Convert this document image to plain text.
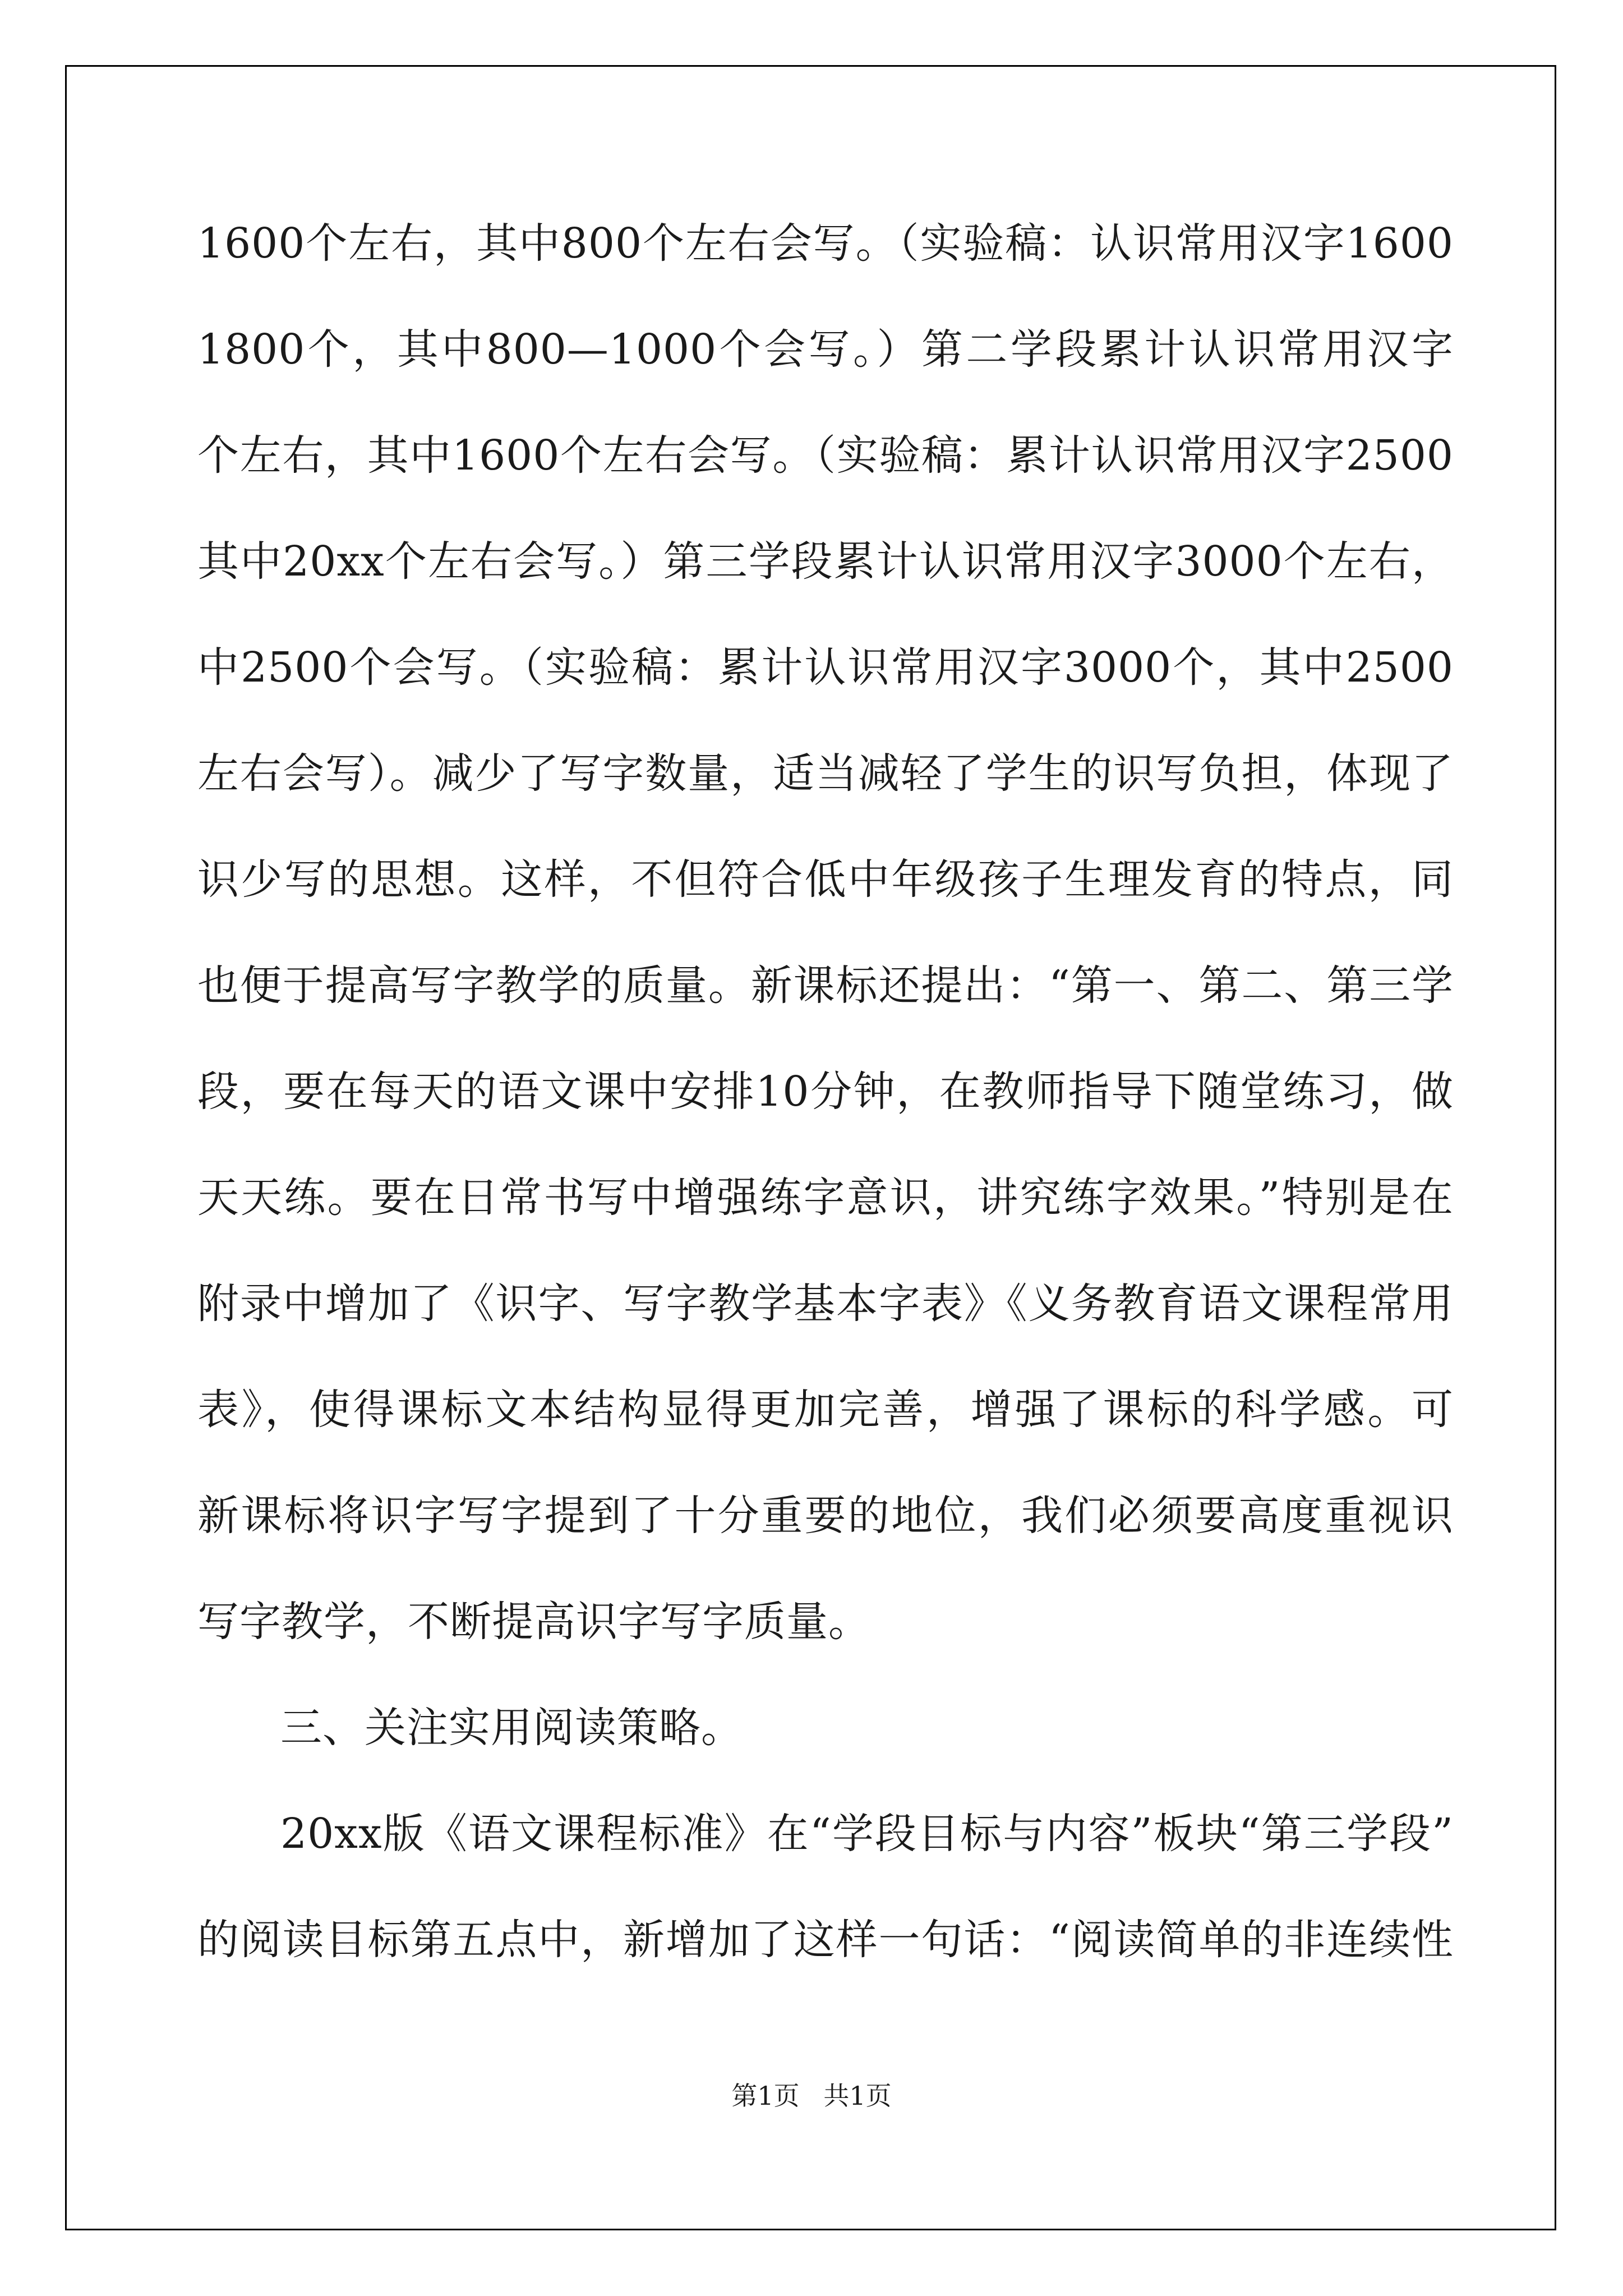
1600个左右，其中800个左右会写。（实验稿：认识常用汉字1600
1800个，其中800—1000个会写。）第二学段累计认识常用汉字
个左右，其中1600个左右会写。（实验稿：累计认识常用汉字2500
其中20xx个左右会写。）第三学段累计认识常用汉字3000个左右，
中2500个会写。（实验稿：累计认识常用汉字3000个，其中2500
左右会写）。减少了写字数量，适当减轻了学生的识写负担，体现了
识少写的思想。这样，不但符合低中年级孩子生理发育的特点，同
也便于提高写字教学的质量。新课标还提出：“第一、第二、第三学
段，要在每天的语文课中安排10分钟，在教师指导下随堂练习，做
天天练。要在日常书写中增强练字意识，讲究练字效果。”特别是在
附录中增加了《识字、写字教学基本字表》《义务教育语文课程常用
表》，使得课标文本结构显得更加完善，增强了课标的科学感。可
新课标将识字写字提到了十分重要的地位，我们必须要高度重视识
写字教学，不断提高识字写字质量。
三、关注实用阅读策略。
20xx版《语文课程标准》在“学段目标与内容”板块“第三学段”
的阅读目标第五点中，新增加了这样一句话：“阅读简单的非连续性
第1页 共1页
